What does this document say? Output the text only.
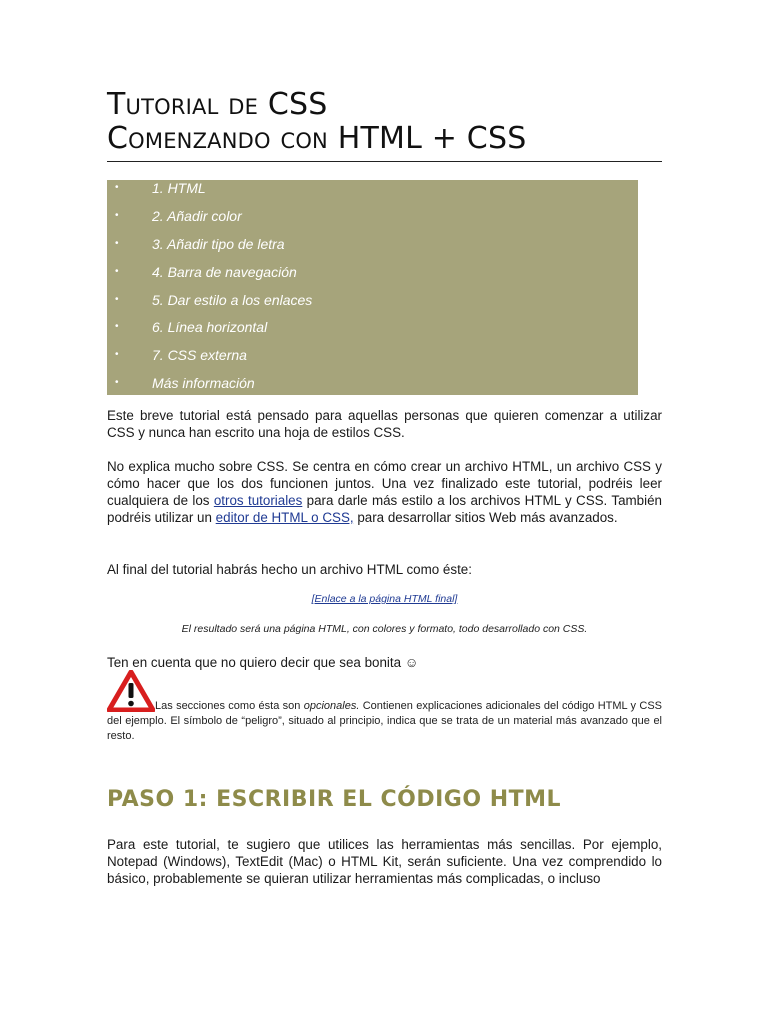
Tutorial de CSS
Comenzando con HTML + CSS
• 1. HTML
• 2. Añadir color
• 3. Añadir tipo de letra
• 4. Barra de navegación
• 5. Dar estilo a los enlaces
• 6. Línea horizontal
• 7. CSS externa
• Más información

Este breve tutorial está pensado para aquellas personas que quieren comenzar a utilizar CSS y nunca han escrito una hoja de estilos CSS.

No explica mucho sobre CSS. Se centra en cómo crear un archivo HTML, un archivo CSS y cómo hacer que los dos funcionen juntos. Una vez finalizado este tutorial, podréis leer cualquiera de los otros tutoriales para darle más estilo a los archivos HTML y CSS. También podréis utilizar un editor de HTML o CSS, para desarrollar sitios Web más avanzados.

Al final del tutorial habrás hecho un archivo HTML como éste:

[Enlace a la página HTML final]
El resultado será una página HTML, con colores y formato, todo desarrollado con CSS.

Ten en cuenta que no quiero decir que sea bonita ☺

Las secciones como ésta son opcionales. Contienen explicaciones adicionales del código HTML y CSS del ejemplo. El símbolo de “peligro”, situado al principio, indica que se trata de un material más avanzado que el resto.

PASO 1: ESCRIBIR EL CÓDIGO HTML

Para este tutorial, te sugiero que utilices las herramientas más sencillas. Por ejemplo, Notepad (Windows), TextEdit (Mac) o HTML Kit, serán suficiente. Una vez comprendido lo básico, probablemente se quieran utilizar herramientas más complicadas, o incluso
